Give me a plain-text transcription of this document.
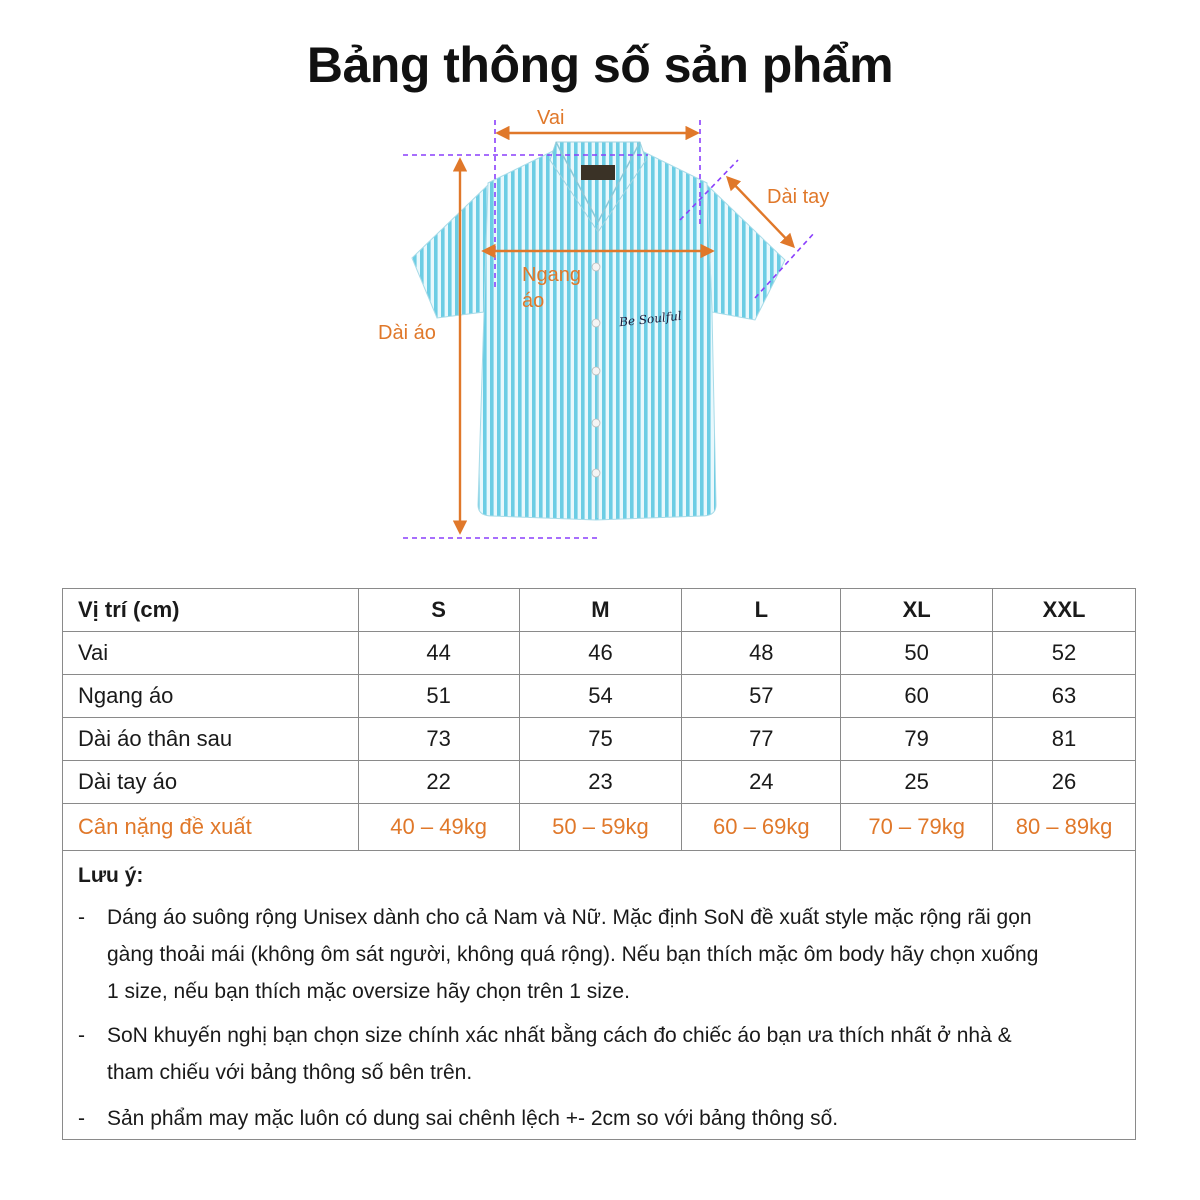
Bảng thông số sản phẩm
.
Be Soulful
Vai
Dài tay
Ngang
áo
Dài áo
Vị trí (cm)	S	M	L	XL	XXL
Vai	44	46	48	50	52
Ngang áo	51	54	57	60	63
Dài áo thân sau	73	75	77	79	81
Dài tay áo	22	23	24	25	26
Cân nặng đề xuất	40 – 49kg	50 – 59kg	60 – 69kg	70 – 79kg	80 – 89kg
Lưu ý:
-	Dáng áo suông rộng Unisex dành cho cả Nam và Nữ. Mặc định SoN đề xuất style mặc rộng rãi gọn
gàng thoải mái (không ôm sát người, không quá rộng). Nếu bạn thích mặc ôm body hãy chọn xuống
1 size, nếu bạn thích mặc oversize hãy chọn trên 1 size.
-	SoN khuyến nghị bạn chọn size chính xác nhất bằng cách đo chiếc áo bạn ưa thích nhất ở nhà &
tham chiếu với bảng thông số bên trên.
-	Sản phẩm may mặc luôn có dung sai chênh lệch +- 2cm so với bảng thông số.
